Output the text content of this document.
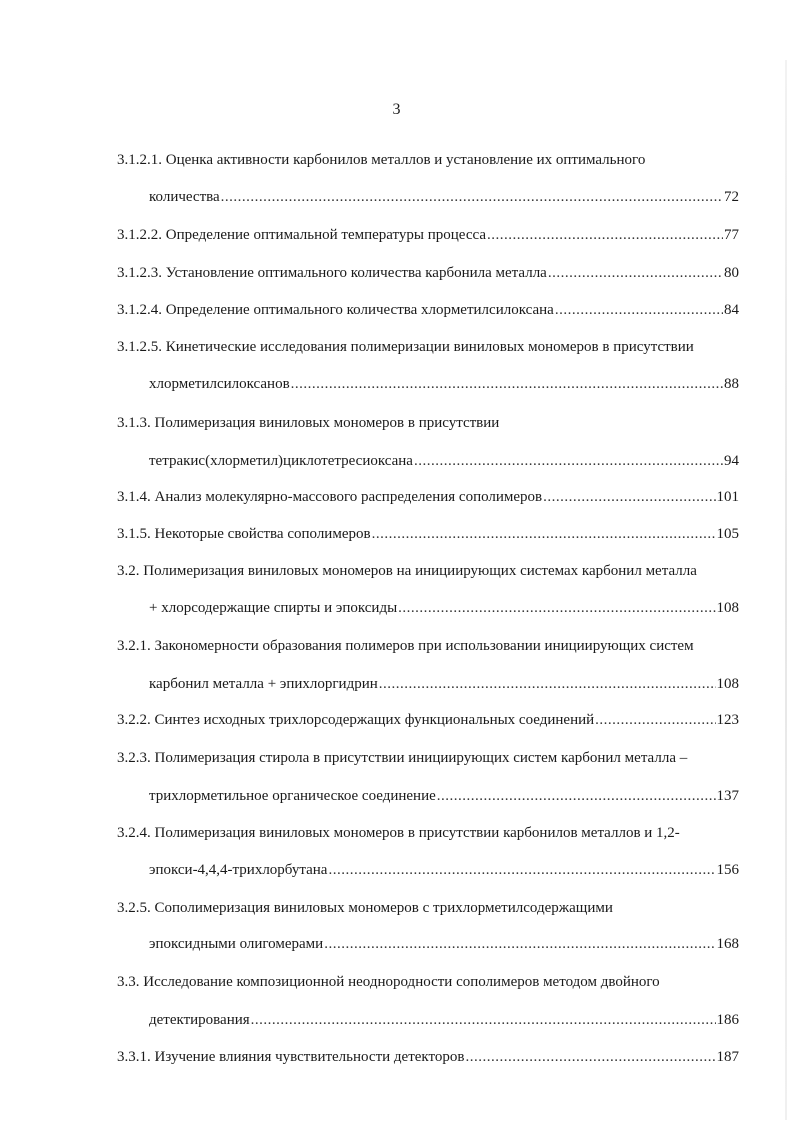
3
3.1.2.1. Оценка активности карбонилов металлов и установление их оптимального
количества .....	72
3.1.2.2. Определение оптимальной температуры процесса .....	77
3.1.2.3. Установление оптимального количества карбонила металла .....	80
3.1.2.4. Определение оптимального количества хлорметилсилоксана .....	84
3.1.2.5. Кинетические исследования полимеризации виниловых мономеров в присутствии
хлорметилсилоксанов .....	88
3.1.3. Полимеризация виниловых мономеров в присутствии
тетракис(хлорметил)циклотетресиоксана .....	94
3.1.4. Анализ молекулярно-массового распределения сополимеров .....	101
3.1.5. Некоторые свойства сополимеров .....	105
3.2. Полимеризация виниловых мономеров на инициирующих системах карбонил металла
+ хлорсодержащие спирты и эпоксиды .....	108
3.2.1. Закономерности образования полимеров при использовании инициирующих систем
карбонил металла + эпихлоргидрин .....	108
3.2.2. Синтез исходных трихлорсодержащих функциональных соединений .....	123
3.2.3. Полимеризация стирола в присутствии инициирующих систем карбонил металла –
трихлорметильное органическое соединение .....	137
3.2.4. Полимеризация виниловых мономеров в присутствии карбонилов металлов и 1,2-
эпокси-4,4,4-трихлорбутана .....	156
3.2.5. Сополимеризация виниловых мономеров с трихлорметилсодержащими
эпоксидными олигомерами .....	168
3.3. Исследование композиционной неоднородности сополимеров методом двойного
детектирования .....	186
3.3.1. Изучение влияния чувствительности детекторов .....	187
